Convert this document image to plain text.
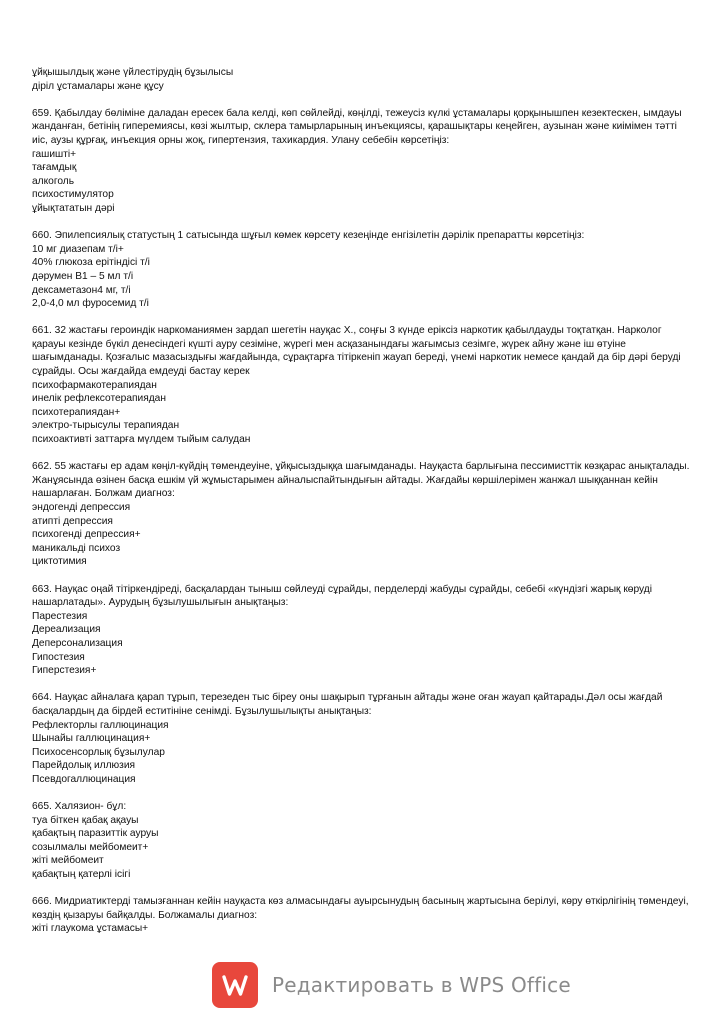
ұйқышылдық және үйлестірудің бұзылысы
діріл ұстамалары және құсу
659. Қабылдау бөліміне даладан ересек бала келді, көп сөйлейді, көңілді, тежеусіз күлкі ұстамалары қорқынышпен кезектескен, ымдауы жанданған, бетінің гиперемиясы, көзі жылтыр, склера тамырларының инъекциясы, қарашықтары кеңейген, аузынан және киімімен тәтті иіс, аузы құрғақ, инъекция орны жоқ, гипертензия, тахикардия. Улану себебін көрсетіңіз:
гашишті+
тағамдық
алкоголь
психостимулятор
ұйықтататын дәрі
660. Эпилепсиялық статустың 1 сатысында шұғыл көмек көрсету кезеңінде енгізілетін дәрілік препаратты көрсетіңіз:
10 мг диазепам т/і+
40% глюкоза ерітіндісі т/і
дәрумен B1 – 5 мл т/і
дексаметазон4 мг, т/і
2,0-4,0 мл фуросемид т/і
661. 32 жастағы героиндік наркоманиямен зардап шегетін науқас Х., соңғы 3 күнде еріксіз наркотик қабылдауды тоқтатқан. Нарколог қарауы кезінде бүкіл денесіндегі күшті ауру сезіміне, жүрегі мен асқазанындағы жағымсыз сезімге, жүрек айну және іш өтуіне шағымданады. Қозғалыс мазасыздығы жағдайында, сұрақтарға тітіркеніп жауап береді, үнемі наркотик немесе қандай да бір дәрі беруді сұрайды. Осы жағдайда емдеуді бастау керек
психофармакотерапиядан
инелік рефлексотерапиядан
психотерапиядан+
электро-тырысулы терапиядан
психоактивті заттарға мүлдем тыйым салудан
662. 55 жастағы ер адам көңіл-күйдің төмендеуіне, ұйқысыздыққа шағымданады. Науқаста барлығына пессимисттік көзқарас анықталады. Жанұясында өзінен басқа ешкім үй жұмыстарымен айналыспайтындығын айтады. Жағдайы көршілерімен жанжал шыққаннан кейін нашарлаған. Болжам диагноз:
эндогенді депрессия
атипті депрессия
психогенді депрессия+
маникальді психоз
циктотимия
663. Науқас оңай тітіркендіреді, басқалардан тыныш сөйлеуді сұрайды, перделерді жабуды сұрайды, себебі «күндізгі жарық көруді нашарлатады». Аурудың бұзылушылығын анықтаңыз:
Парестезия
Дереализация
Деперсонализация
Гипостезия
Гиперстезия+
664. Науқас айналаға қарап тұрып, терезеден тыс біреу оны шақырып тұрғанын айтады және оған жауап қайтарады.Дәл осы жағдай басқалардың да бірдей еститініне сенімді. Бұзылушылықты анықтаңыз:
Рефлекторлы галлюцинация
Шынайы галлюцинация+
Психосенсорлық бұзылулар
Парейдолық иллюзия
Псевдогаллюцинация
665. Халязион- бұл:
туа біткен қабақ ақауы
қабақтың паразиттік ауруы
созылмалы мейбомеит+
жіті мейбомеит
қабақтың қатерлі ісігі
666. Мидриатиктерді тамызғаннан кейін науқаста көз алмасындағы ауырсынудың басының жартысына берілуі, көру өткірлігінің төмендеуі, көздің қызаруы байқалды. Болжамалы диагноз:
жіті глаукома ұстамасы+
Редактировать в WPS Office
